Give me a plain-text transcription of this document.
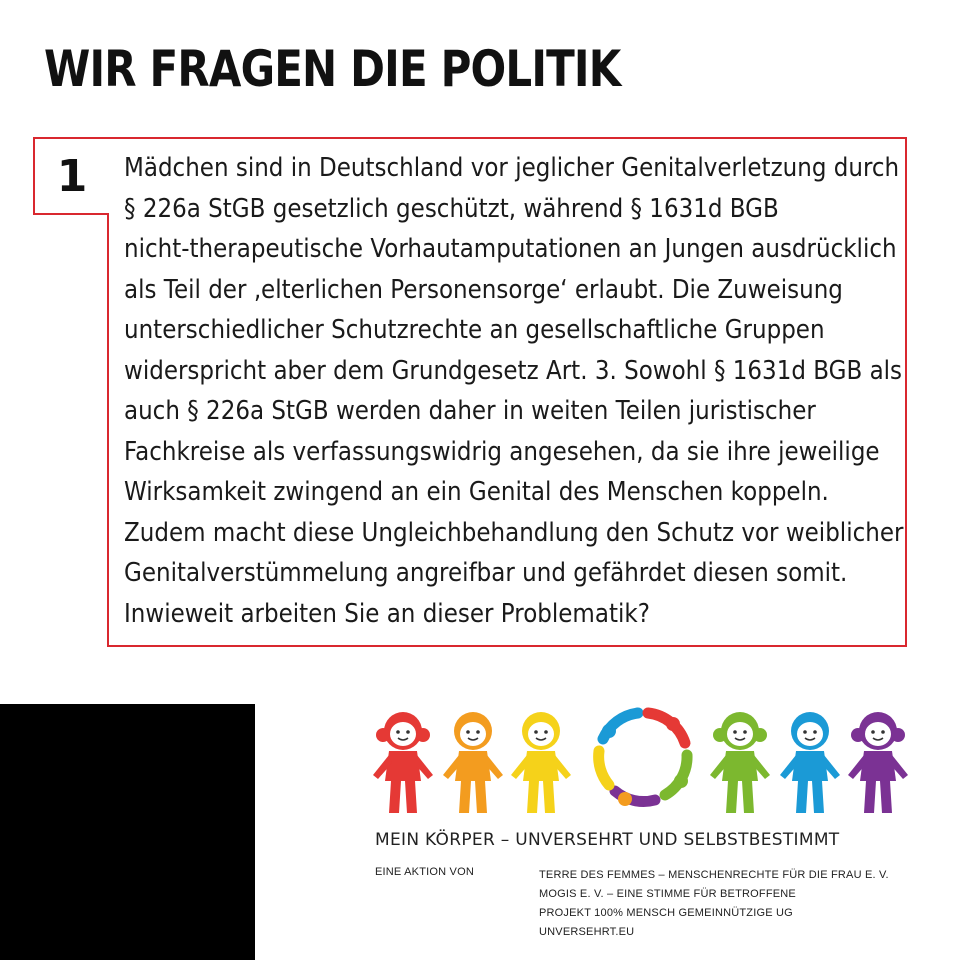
WIR FRAGEN DIE POLITIK
1	Mädchen sind in Deutschland vor jeglicher Genitalverletzung durch
§ 226a StGB gesetzlich geschützt, während § 1631d BGB
nicht-therapeutische Vorhautamputationen an Jungen ausdrücklich
als Teil der ‚elterlichen Personensorge‘ erlaubt. Die Zuweisung
unterschiedlicher Schutzrechte an gesellschaftliche Gruppen
widerspricht aber dem Grundgesetz Art. 3. Sowohl § 1631d BGB als
auch § 226a StGB werden daher in weiten Teilen juristischer
Fachkreise als verfassungswidrig angesehen, da sie ihre jeweilige
Wirksamkeit zwingend an ein Genital des Menschen koppeln.
Zudem macht diese Ungleichbehandlung den Schutz vor weiblicher
Genitalverstümmelung angreifbar und gefährdet diesen somit.
Inwieweit arbeiten Sie an dieser Problematik?
MEIN KÖRPER – UNVERSEHRT UND SELBSTBESTIMMT
EINE AKTION VON	TERRE DES FEMMES – MENSCHENRECHTE FÜR DIE FRAU E. V.
MOGIS E. V. – EINE STIMME FÜR BETROFFENE
PROJEKT 100% MENSCH GEMEINNÜTZIGE UG
UNVERSEHRT.EU
